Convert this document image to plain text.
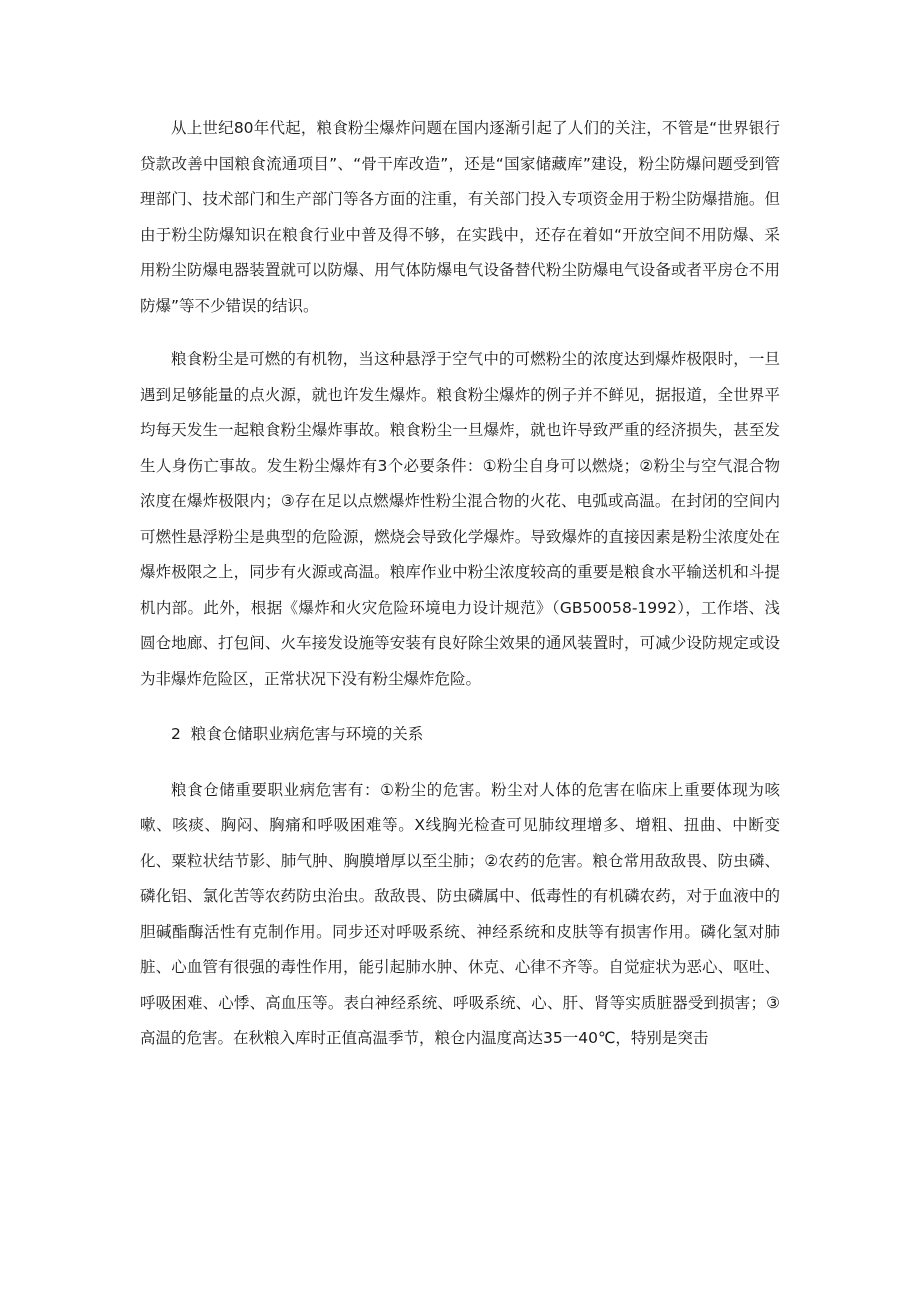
从上世纪80年代起，粮食粉尘爆炸问题在国内逐渐引起了人们的关注，不管是“世界银行贷款改善中国粮食流通项目”、“骨干库改造”，还是“国家储藏库”建设，粉尘防爆问题受到管理部门、技术部门和生产部门等各方面的注重，有关部门投入专项资金用于粉尘防爆措施。但由于粉尘防爆知识在粮食行业中普及得不够，在实践中，还存在着如“开放空间不用防爆、采用粉尘防爆电器装置就可以防爆、用气体防爆电气设备替代粉尘防爆电气设备或者平房仓不用防爆”等不少错误的结识。

粮食粉尘是可燃的有机物，当这种悬浮于空气中的可燃粉尘的浓度达到爆炸极限时，一旦遇到足够能量的点火源，就也许发生爆炸。粮食粉尘爆炸的例子并不鲜见，据报道，全世界平均每天发生一起粮食粉尘爆炸事故。粮食粉尘一旦爆炸，就也许导致严重的经济损失，甚至发生人身伤亡事故。发生粉尘爆炸有3个必要条件：①粉尘自身可以燃烧；②粉尘与空气混合物浓度在爆炸极限内；③存在足以点燃爆炸性粉尘混合物的火花、电弧或高温。在封闭的空间内可燃性悬浮粉尘是典型的危险源，燃烧会导致化学爆炸。导致爆炸的直接因素是粉尘浓度处在爆炸极限之上，同步有火源或高温。粮库作业中粉尘浓度较高的重要是粮食水平输送机和斗提机内部。此外，根据《爆炸和火灾危险环境电力设计规范》（GB50058-1992），工作塔、浅圆仓地廊、打包间、火车接发设施等安装有良好除尘效果的通风装置时，可减少设防规定或设为非爆炸危险区，正常状况下没有粉尘爆炸危险。

2  粮食仓储职业病危害与环境的关系

粮食仓储重要职业病危害有：①粉尘的危害。粉尘对人体的危害在临床上重要体现为咳嗽、咳痰、胸闷、胸痛和呼吸困难等。X线胸光检查可见肺纹理增多、增粗、扭曲、中断变化、粟粒状结节影、肺气肿、胸膜增厚以至尘肺；②农药的危害。粮仓常用敌敌畏、防虫磷、磷化铝、氯化苦等农药防虫治虫。敌敌畏、防虫磷属中、低毒性的有机磷农药，对于血液中的胆碱酯酶活性有克制作用。同步还对呼吸系统、神经系统和皮肤等有损害作用。磷化氢对肺脏、心血管有很强的毒性作用，能引起肺水肿、休克、心律不齐等。自觉症状为恶心、呕吐、呼吸困难、心悸、高血压等。表白神经系统、呼吸系统、心、肝、肾等实质脏器受到损害；③高温的危害。在秋粮入库时正值高温季节，粮仓内温度高达35一40℃，特别是突击
